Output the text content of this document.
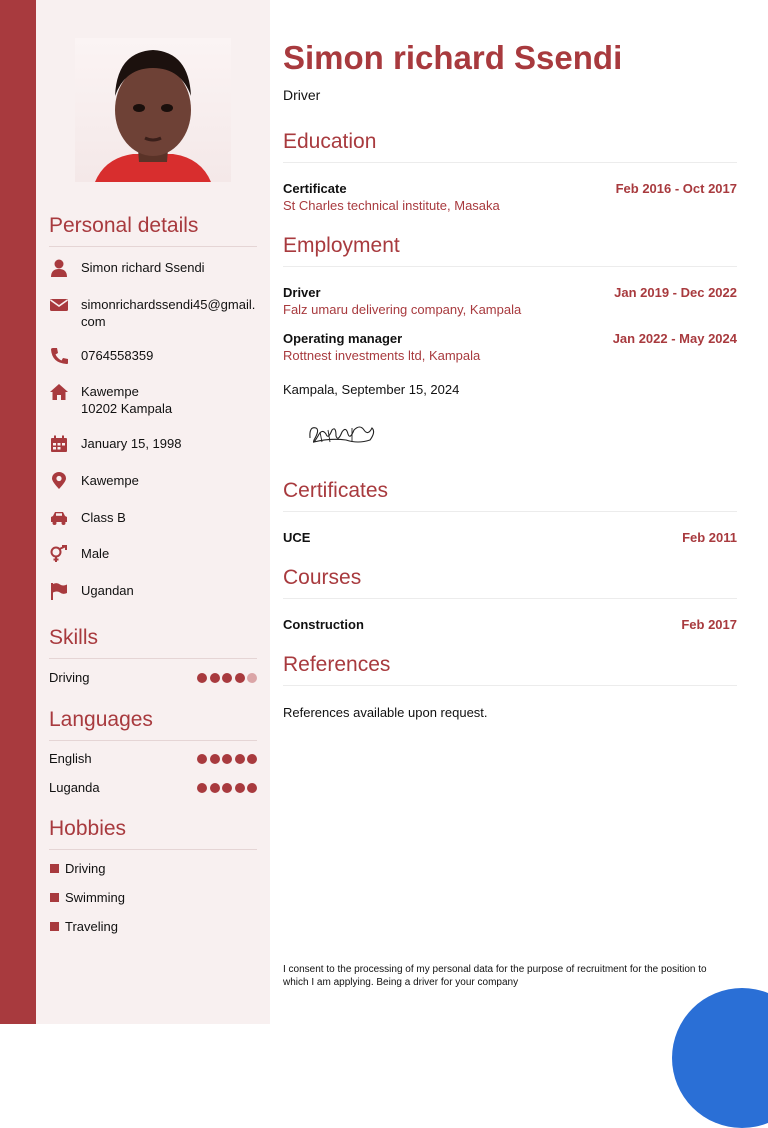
Personal details
Simon richard Ssendi
simonrichardssendi45@gmail.com
0764558359
Kawempe
10202 Kampala
January 15, 1998
Kawempe
Class B
Male
Ugandan
Skills
Driving
Languages
English
Luganda
Hobbies
Driving
Swimming
Traveling
Simon richard Ssendi
Driver
Education
Certificate	Feb 2016 - Oct 2017
St Charles technical institute, Masaka
Employment
Driver	Jan 2019 - Dec 2022
Falz umaru delivering company, Kampala
Operating manager	Jan 2022 - May 2024
Rottnest investments ltd, Kampala
Kampala, September 15, 2024
Certificates
UCE	Feb 2011
Courses
Construction	Feb 2017
References
References available upon request.
I consent to the processing of my personal data for the purpose of recruitment for the position to which I am applying. Being a driver for your company
